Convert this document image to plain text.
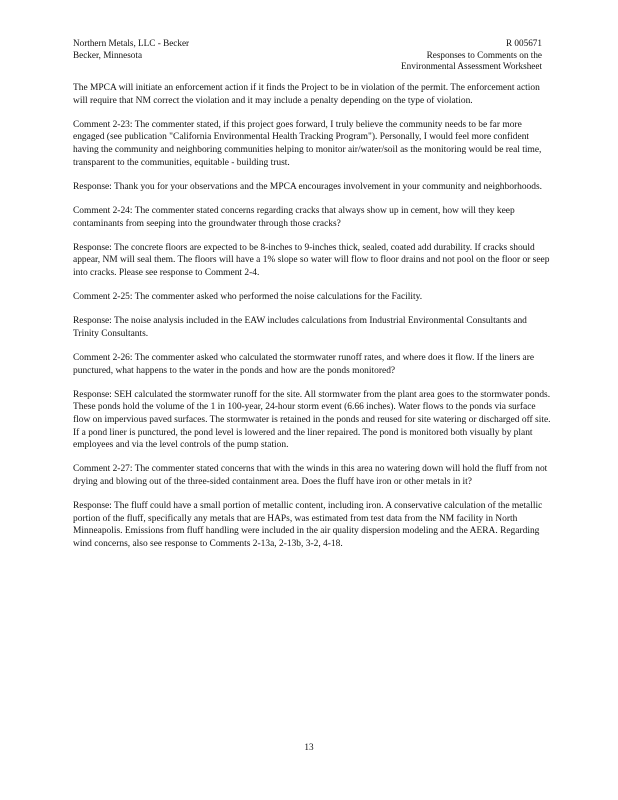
Northern Metals, LLC - Becker
Becker, Minnesota
R 005671
Responses to Comments on the
Environmental Assessment Worksheet

The MPCA will initiate an enforcement action if it finds the Project to be in violation of the permit. The enforcement action will require that NM correct the violation and it may include a penalty depending on the type of violation.

Comment 2-23: The commenter stated, if this project goes forward, I truly believe the community needs to be far more engaged (see publication "California Environmental Health Tracking Program"). Personally, I would feel more confident having the community and neighboring communities helping to monitor air/water/soil as the monitoring would be real time, transparent to the communities, equitable - building trust.

Response: Thank you for your observations and the MPCA encourages involvement in your community and neighborhoods.

Comment 2-24: The commenter stated concerns regarding cracks that always show up in cement, how will they keep contaminants from seeping into the groundwater through those cracks?

Response: The concrete floors are expected to be 8-inches to 9-inches thick, sealed, coated add durability. If cracks should appear, NM will seal them. The floors will have a 1% slope so water will flow to floor drains and not pool on the floor or seep into cracks. Please see response to Comment 2-4.

Comment 2-25: The commenter asked who performed the noise calculations for the Facility.

Response: The noise analysis included in the EAW includes calculations from Industrial Environmental Consultants and Trinity Consultants.

Comment 2-26: The commenter asked who calculated the stormwater runoff rates, and where does it flow. If the liners are punctured, what happens to the water in the ponds and how are the ponds monitored?

Response: SEH calculated the stormwater runoff for the site. All stormwater from the plant area goes to the stormwater ponds. These ponds hold the volume of the 1 in 100-year, 24-hour storm event (6.66 inches). Water flows to the ponds via surface flow on impervious paved surfaces. The stormwater is retained in the ponds and reused for site watering or discharged off site. If a pond liner is punctured, the pond level is lowered and the liner repaired. The pond is monitored both visually by plant employees and via the level controls of the pump station.

Comment 2-27: The commenter stated concerns that with the winds in this area no watering down will hold the fluff from not drying and blowing out of the three-sided containment area. Does the fluff have iron or other metals in it?

Response: The fluff could have a small portion of metallic content, including iron. A conservative calculation of the metallic portion of the fluff, specifically any metals that are HAPs, was estimated from test data from the NM facility in North Minneapolis. Emissions from fluff handling were included in the air quality dispersion modeling and the AERA. Regarding wind concerns, also see response to Comments 2-13a, 2-13b, 3-2, 4-18.

13
